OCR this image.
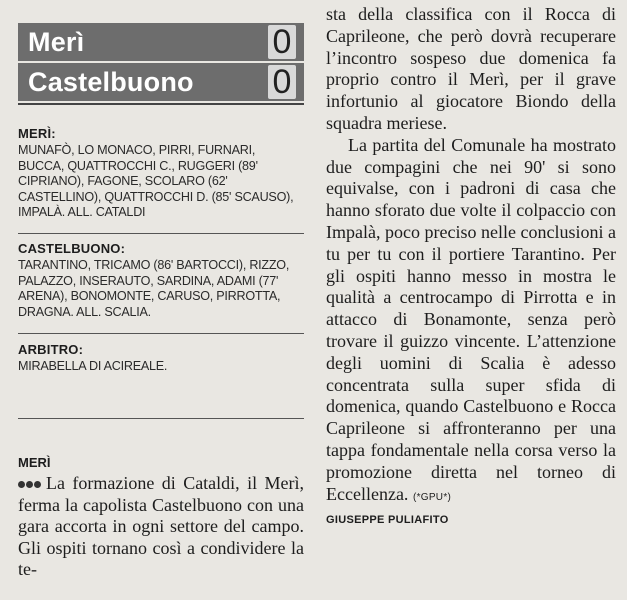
Merì	0
Castelbuono 0
MERÌ:

MUNAFÒ, LO MONACO, PIRRI, FURNARI, BUCCA, QUATTROCCHI C., RUGGERI (89' CIPRIANO), FAGONE, SCOLARO (62' CASTELLINO), QUATTROCCHI D. (85' SCAUSO), IMPALÀ. ALL. CATALDI

CASTELBUONO:

TARANTINO, TRICAMO (86' BARTOCCI), RIZZO, PALAZZO, INSERAUTO, SARDINA, ADAMI (77' ARENA), BONOMONTE, CARUSO, PIRROTTA, DRAGNA. ALL. SCALIA.

ARBITRO:

MIRABELLA DI ACIREALE.

MERÌ
La formazione di Cataldi, il Merì, ferma la capolista Castelbuono con una gara accorta in ogni settore del campo. Gli ospiti tornano così a condividere la te-

sta della classifica con il Rocca di Caprileone, che però dovrà recuperare l’incontro sospeso due domenica fa proprio contro il Merì, per il grave infortunio al giocatore Biondo della squadra meriese.

La partita del Comunale ha mostrato due compagini che nei 90' si sono equivalse, con i padroni di casa che hanno sforato due volte il colpaccio con Impalà, poco preciso nelle conclusioni a tu per tu con il portiere Tarantino. Per gli ospiti hanno messo in mostra le qualità a centrocampo di Pirrotta e in attacco di Bonamonte, senza però trovare il guizzo vincente. L’attenzione degli uomini di Scalia è adesso concentrata sulla super sfida di domenica, quando Castelbuono e Rocca Caprileone si affronteranno per una tappa fondamentale nella corsa verso la promozione diretta nel torneo di Eccellenza. (*GPU*)

GIUSEPPE PULIAFITO
